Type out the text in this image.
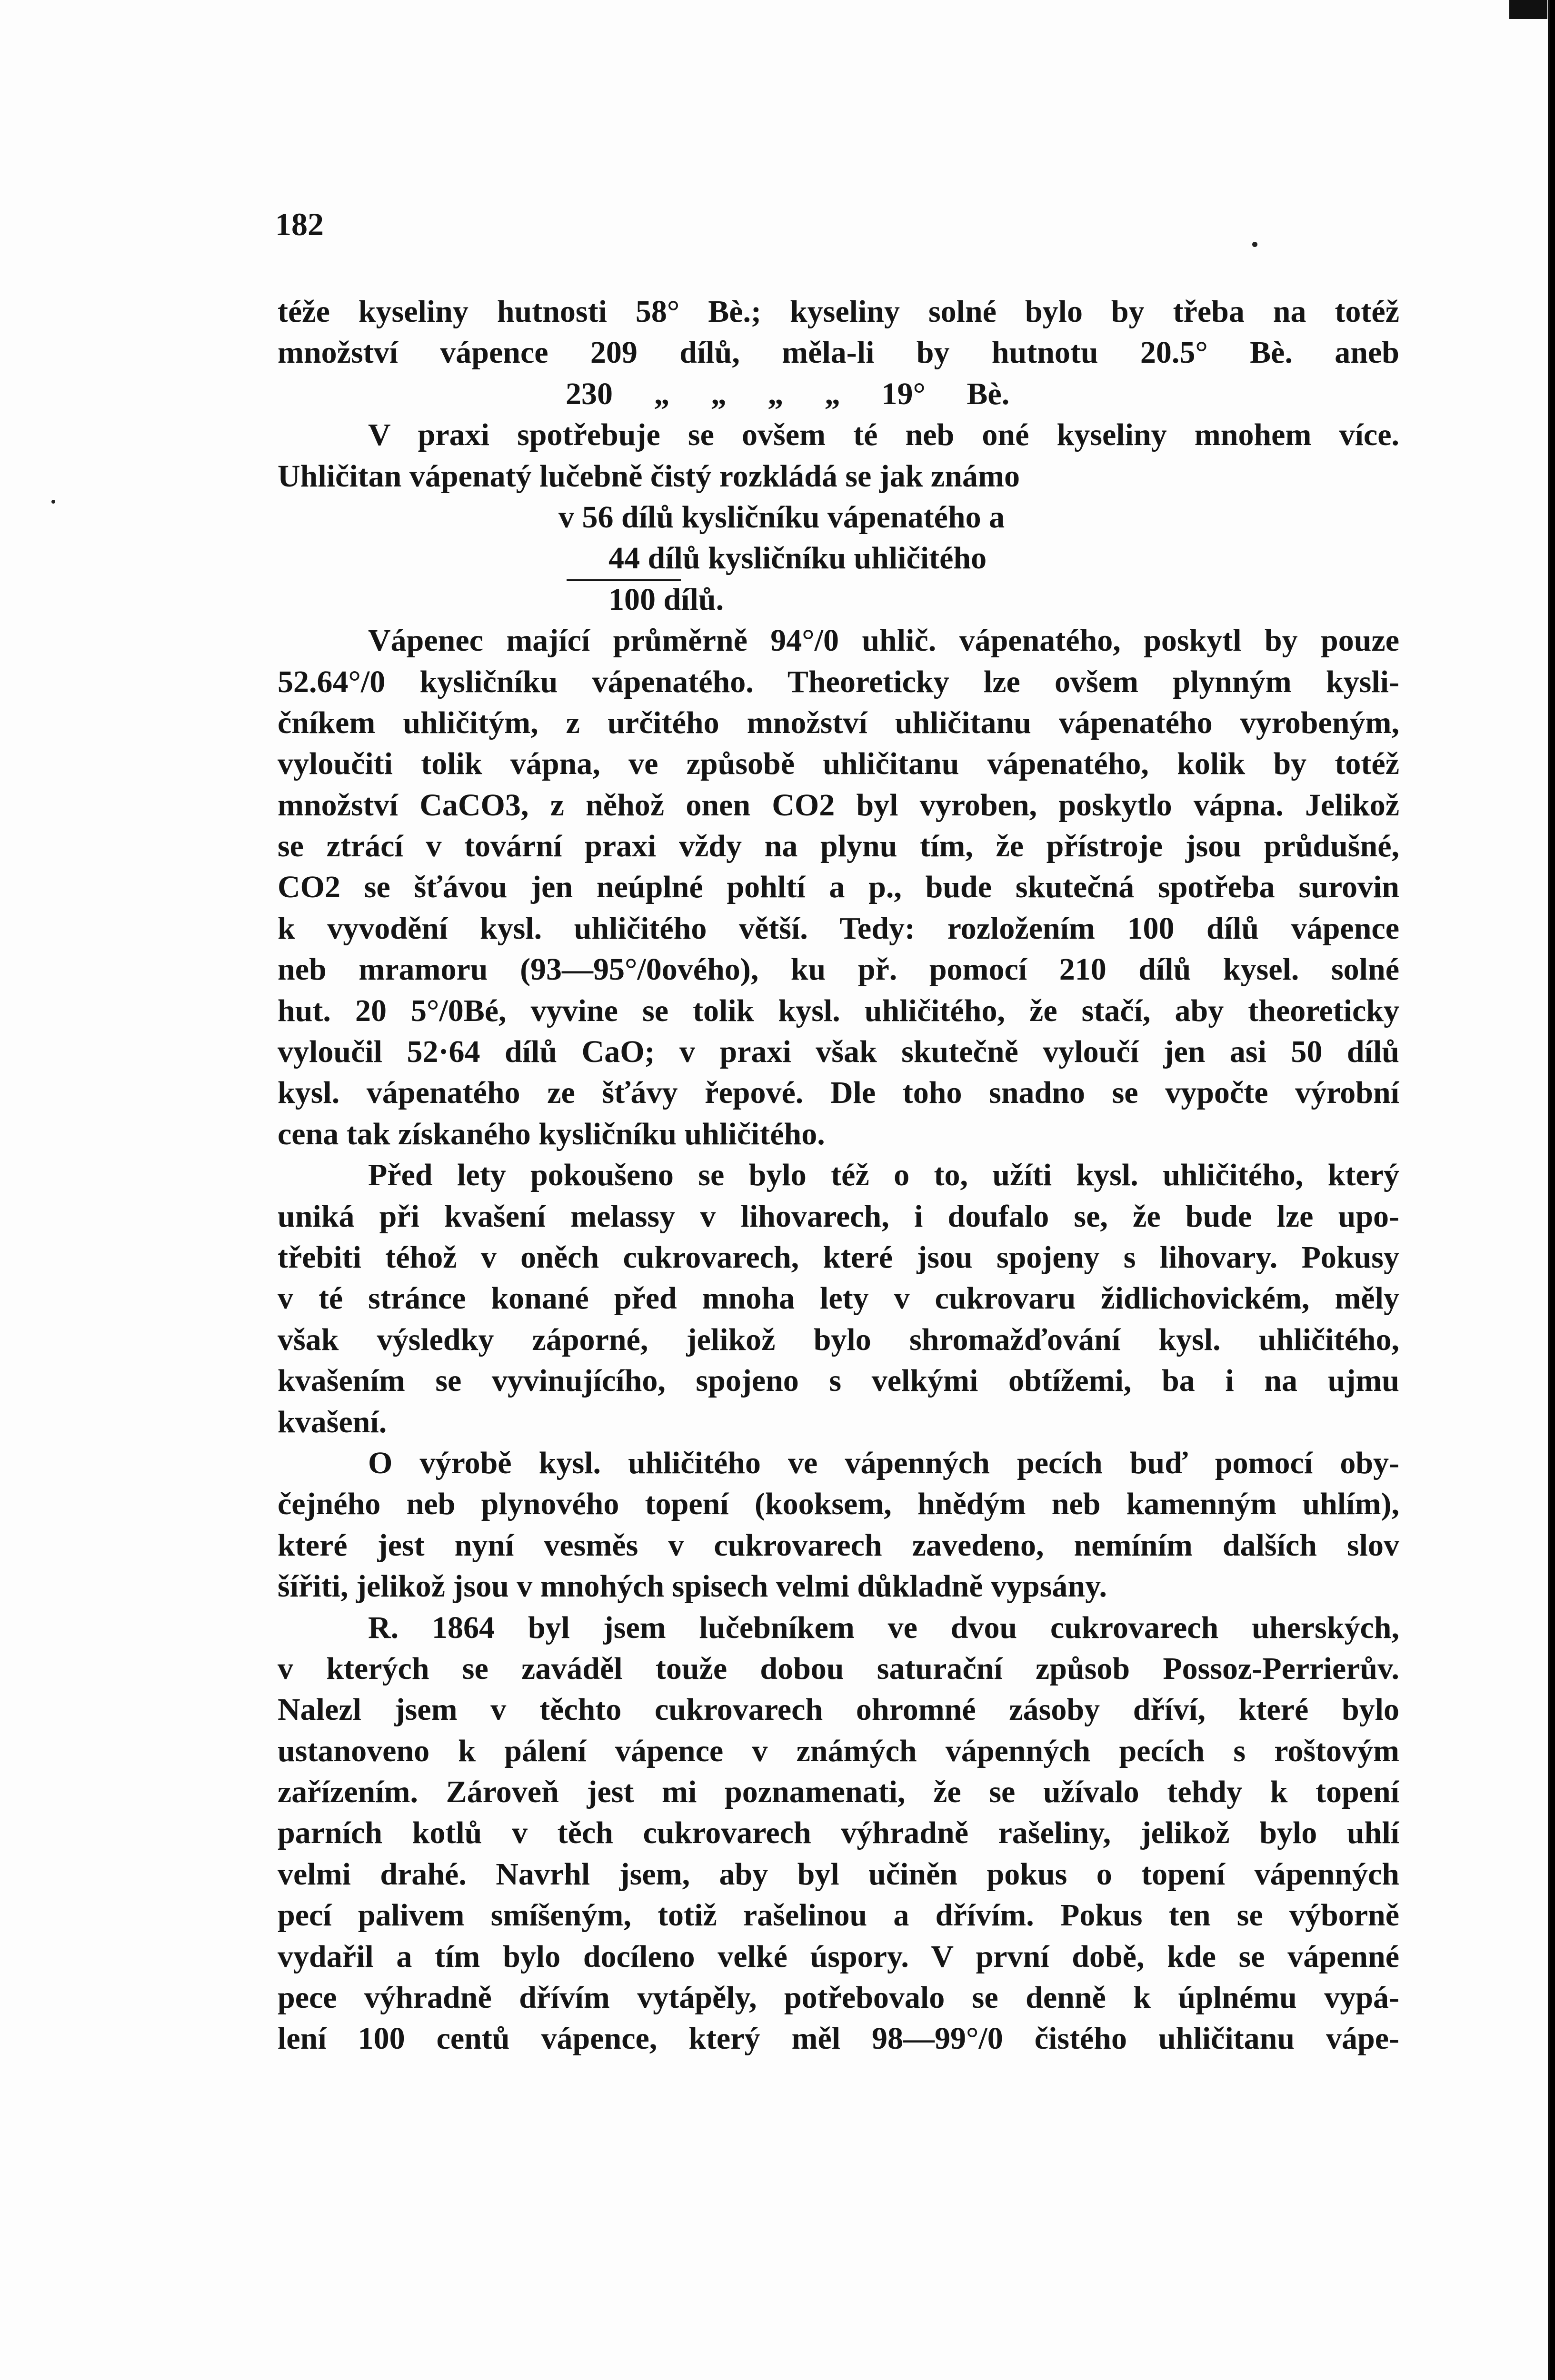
182
téže kyseliny hutnosti 58° Bè.; kyseliny solné bylo by třeba na totéž
množství vápence 209 dílů, měla-li by hutnotu 20.5° Bè. aneb
230 „ „ „ „ 19° Bè.
V praxi spotřebuje se ovšem té neb oné kyseliny mnohem více.
Uhličitan vápenatý lučebně čistý rozkládá se jak známo
v 56 dílů kysličníku vápenatého a
44 dílů kysličníku uhličitého
100 dílů.
Vápenec mající průměrně 94°/0 uhlič. vápenatého, poskytl by pouze
52.64°/0 kysličníku vápenatého. Theoreticky lze ovšem plynným kysli-
čníkem uhličitým, z určitého množství uhličitanu vápenatého vyrobeným,
vyloučiti tolik vápna, ve způsobě uhličitanu vápenatého, kolik by totéž
množství CaCO3, z něhož onen CO2 byl vyroben, poskytlo vápna. Jelikož
se ztrácí v tovární praxi vždy na plynu tím, že přístroje jsou průdušné,
CO2 se šťávou jen neúplné pohltí a p., bude skutečná spotřeba surovin
k vyvodění kysl. uhličitého větší. Tedy: rozložením 100 dílů vápence
neb mramoru (93—95°/0ového), ku př. pomocí 210 dílů kysel. solné
hut. 20 5°/0Bé, vyvine se tolik kysl. uhličitého, že stačí, aby theoreticky
vyloučil 52·64 dílů CaO; v praxi však skutečně vyloučí jen asi 50 dílů
kysl. vápenatého ze šťávy řepové. Dle toho snadno se vypočte výrobní
cena tak získaného kysličníku uhličitého.
Před lety pokoušeno se bylo též o to, užíti kysl. uhličitého, který
uniká při kvašení melassy v lihovarech, i doufalo se, že bude lze upo-
třebiti téhož v oněch cukrovarech, které jsou spojeny s lihovary. Pokusy
v té stránce konané před mnoha lety v cukrovaru židlichovickém, měly
však výsledky záporné, jelikož bylo shromažďování kysl. uhličitého,
kvašením se vyvinujícího, spojeno s velkými obtížemi, ba i na ujmu
kvašení.
O výrobě kysl. uhličitého ve vápenných pecích buď pomocí oby-
čejného neb plynového topení (kooksem, hnědým neb kamenným uhlím),
které jest nyní vesměs v cukrovarech zavedeno, nemíním dalších slov
šířiti, jelikož jsou v mnohých spisech velmi důkladně vypsány.
R. 1864 byl jsem lučebníkem ve dvou cukrovarech uherských,
v kterých se zaváděl touže dobou saturační způsob Possoz-Perrierův.
Nalezl jsem v těchto cukrovarech ohromné zásoby dříví, které bylo
ustanoveno k pálení vápence v známých vápenných pecích s roštovým
zařízením. Zároveň jest mi poznamenati, že se užívalo tehdy k topení
parních kotlů v těch cukrovarech výhradně rašeliny, jelikož bylo uhlí
velmi drahé. Navrhl jsem, aby byl učiněn pokus o topení vápenných
pecí palivem smíšeným, totiž rašelinou a dřívím. Pokus ten se výborně
vydařil a tím bylo docíleno velké úspory. V první době, kde se vápenné
pece výhradně dřívím vytápěly, potřebovalo se denně k úplnému vypá-
lení 100 centů vápence, který měl 98—99°/0 čistého uhličitanu vápe-
